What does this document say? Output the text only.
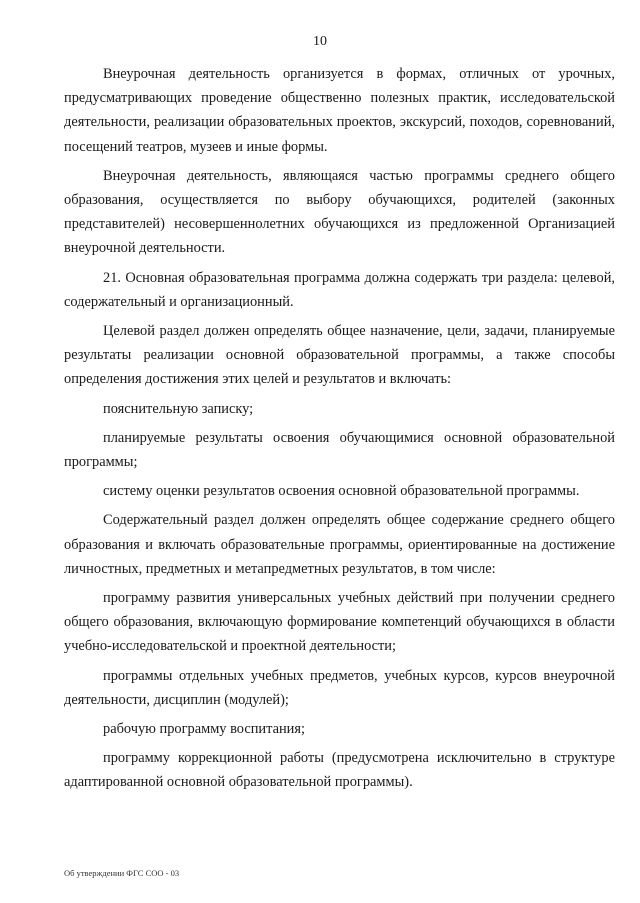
10

Внеурочная деятельность организуется в формах, отличных от урочных, предусматривающих проведение общественно полезных практик, исследовательской деятельности, реализации образовательных проектов, экскурсий, походов, соревнований, посещений театров, музеев и иные формы.

Внеурочная деятельность, являющаяся частью программы среднего общего образования, осуществляется по выбору обучающихся, родителей (законных представителей) несовершеннолетних обучающихся из предложенной Организацией внеурочной деятельности.

21. Основная образовательная программа должна содержать три раздела: целевой, содержательный и организационный.

Целевой раздел должен определять общее назначение, цели, задачи, планируемые результаты реализации основной образовательной программы, а также способы определения достижения этих целей и результатов и включать:

пояснительную записку;

планируемые результаты освоения обучающимися основной образовательной программы;

систему оценки результатов освоения основной образовательной программы.

Содержательный раздел должен определять общее содержание среднего общего образования и включать образовательные программы, ориентированные на достижение личностных, предметных и метапредметных результатов, в том числе:

программу развития универсальных учебных действий при получении среднего общего образования, включающую формирование компетенций обучающихся в области учебно-исследовательской и проектной деятельности;

программы отдельных учебных предметов, учебных курсов, курсов внеурочной деятельности, дисциплин (модулей);

рабочую программу воспитания;

программу коррекционной работы (предусмотрена исключительно в структуре адаптированной основной образовательной программы).

Об утверждении ФГС СОО - 03
